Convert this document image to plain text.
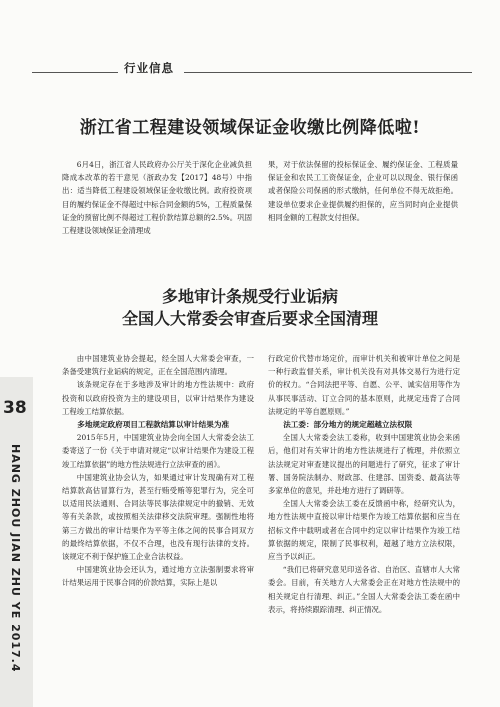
行业信息
浙江省工程建设领域保证金收缴比例降低啦!

6月4日，浙江省人民政府办公厅关于深化企业减负担降成本改革的若干意见（浙政办发【2017】48号）中指出：适当降低工程建设领域保证金收缴比例。政府投资项目的履约保证金不得超过中标合同金额的5%，工程质量保证金的预留比例不得超过工程价款结算总额的2.5%。巩固工程建设领域保证金清理成

果，对于依法保留的投标保证金、履约保证金、工程质量保证金和农民工工资保证金，企业可以以现金、银行保函或者保险公司保函的形式缴纳，任何单位不得无故拒绝。建设单位要求企业提供履约担保的，应当同时向企业提供相同金额的工程款支付担保。

多地审计条规受行业诟病
全国人大常委会审查后要求全国清理

由中国建筑业协会提起，经全国人大常委会审查，一条备受建筑行业诟病的规定，正在全国范围内清理。

该条规定存在于多地涉及审计的地方性法规中：政府投资和以政府投资为主的建设项目，以审计结果作为建设工程竣工结算依据。

多地规定政府项目工程款结算以审计结果为准

2015年5月，中国建筑业协会向全国人大常委会法工委寄送了一份《关于申请对规定“以审计结果作为建设工程竣工结算依据”的地方性法规进行立法审查的函》。

中国建筑业协会认为，如果通过审计发现确有对工程结算款高估冒算行为，甚至行贿受贿等犯罪行为，完全可以适用民法通则、合同法等民事法律规定中的撤销、无效等有关条款，或按照相关法律移交法院审理。强制性地将第三方做出的审计结果作为平等主体之间的民事合同双方的最终结算依据，不仅不合理，也没有现行法律的支持。该规定不利于保护施工企业合法权益。

中国建筑业协会还认为，通过地方立法强制要求将审计结果运用于民事合同的价款结算，实际上是以

行政定价代替市场定价，而审计机关和被审计单位之间是一种行政监督关系，审计机关没有对具体交易行为进行定价的权力。“合同法把平等、自愿、公平、诚实信用等作为从事民事活动、订立合同的基本原则，此规定违背了合同法规定的平等自愿原则。”

法工委：部分地方的规定超越立法权限

全国人大常委会法工委称，收到中国建筑业协会来函后，他们对有关审计的地方性法规进行了梳理，并依照立法法规定对审查建议提出的问题进行了研究，征求了审计署、国务院法制办、财政部、住建部、国资委、最高法等多家单位的意见，并赴地方进行了调研等。

全国人大常委会法工委在反馈函中称，经研究认为，地方性法规中直接以审计结果作为竣工结算依据和应当在招标文件中载明或者在合同中约定以审计结果作为竣工结算依据的规定，限制了民事权利，超越了地方立法权限，应当予以纠正。

“我们已将研究意见印送各省、自治区、直辖市人大常委会。目前，有关地方人大常委会正在对地方性法规中的相关规定自行清理、纠正。”全国人大常委会法工委在函中表示，将持续跟踪清理、纠正情况。

38
HANG ZHOU JIAN ZHU YE 2017.4
